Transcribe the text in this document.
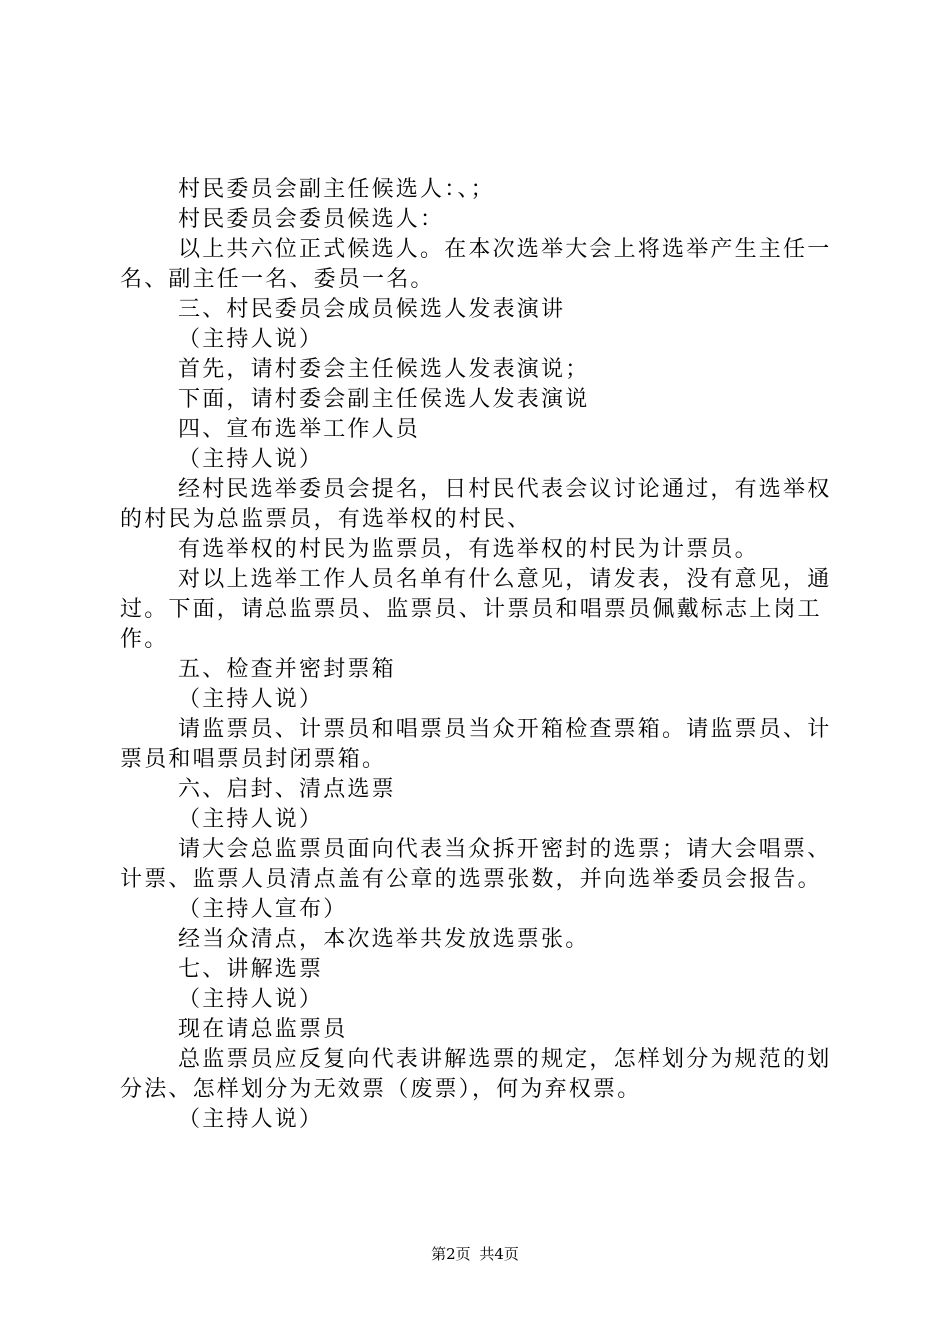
村民委员会副主任候选人：、；

村民委员会委员候选人：

以上共六位正式候选人。在本次选举大会上将选举产生主任一名、副主任一名、委员一名。

三、村民委员会成员候选人发表演讲

（主持人说）

首先，请村委会主任候选人发表演说；

下面，请村委会副主任侯选人发表演说

四、宣布选举工作人员

（主持人说）

经村民选举委员会提名，日村民代表会议讨论通过，有选举权的村民为总监票员，有选举权的村民、

有选举权的村民为监票员，有选举权的村民为计票员。

对以上选举工作人员名单有什么意见，请发表，没有意见，通过。下面，请总监票员、监票员、计票员和唱票员佩戴标志上岗工作。

五、检查并密封票箱

（主持人说）

请监票员、计票员和唱票员当众开箱检查票箱。请监票员、计票员和唱票员封闭票箱。

六、启封、清点选票

（主持人说）

请大会总监票员面向代表当众拆开密封的选票；请大会唱票、计票、监票人员清点盖有公章的选票张数，并向选举委员会报告。

（主持人宣布）

经当众清点，本次选举共发放选票张。

七、讲解选票

（主持人说）

现在请总监票员

总监票员应反复向代表讲解选票的规定，怎样划分为规范的划分法、怎样划分为无效票（废票），何为弃权票。

（主持人说）

第2页 共4页
